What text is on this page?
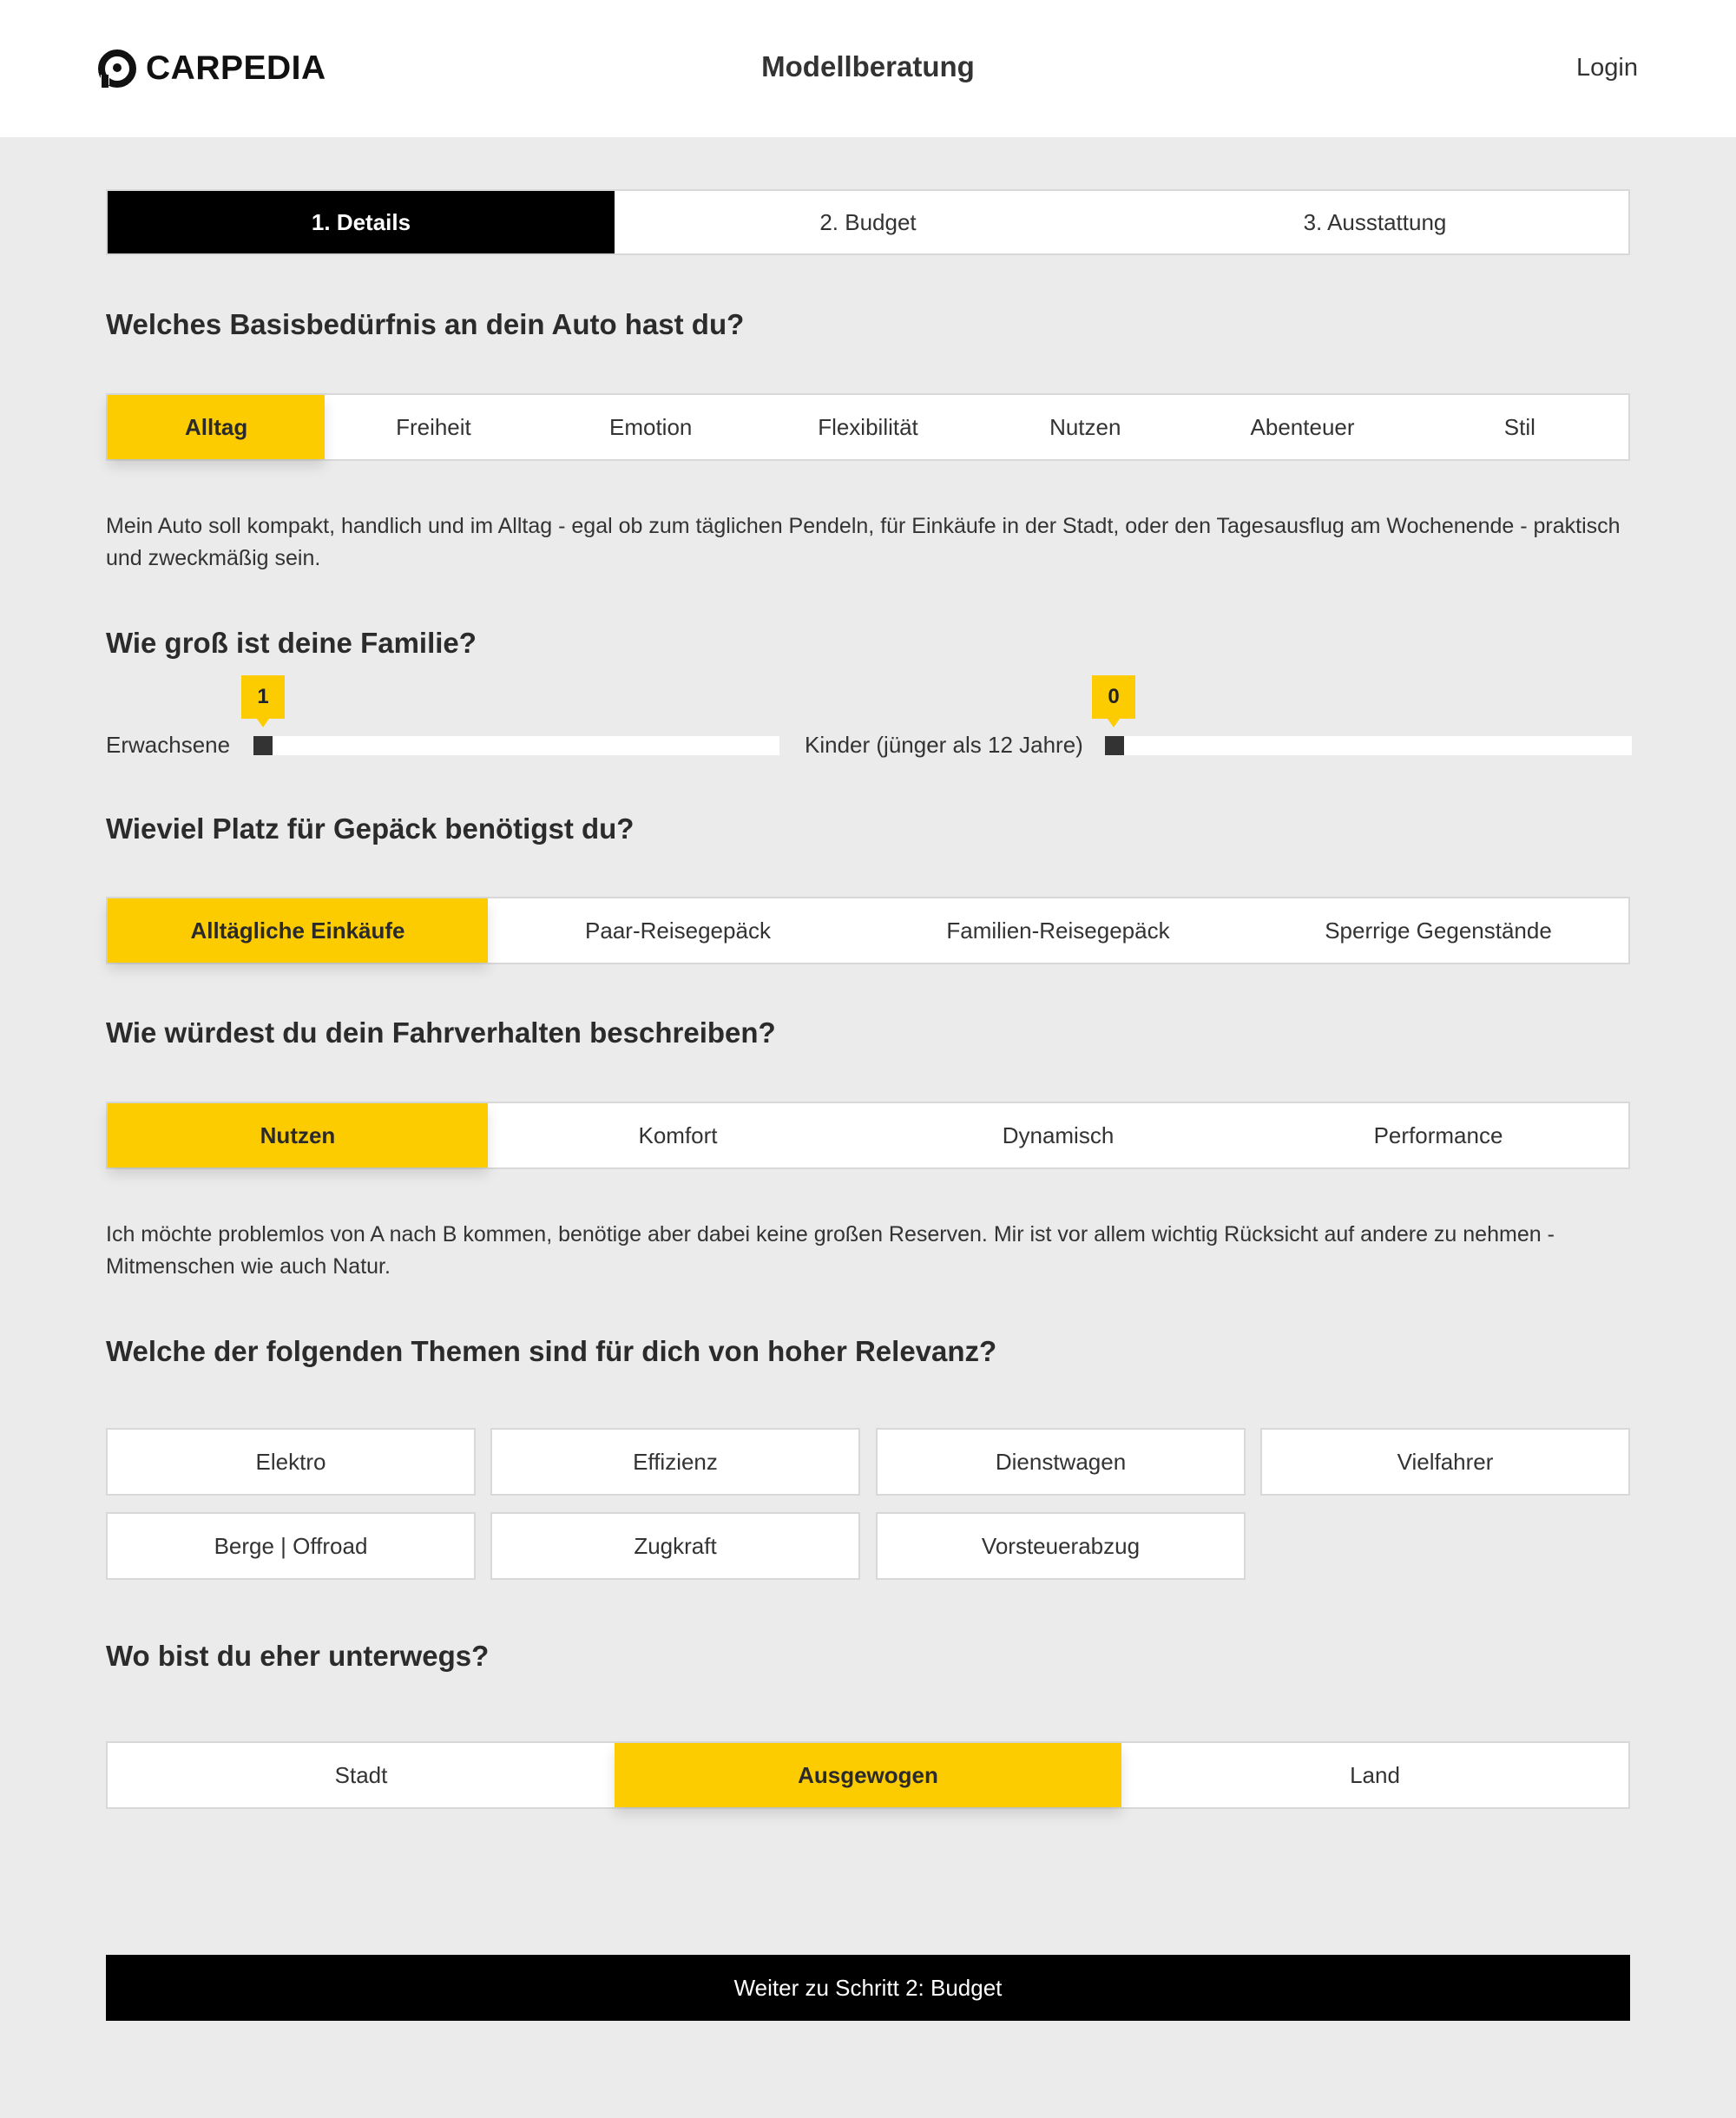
CARPEDIA	Modellberatung	Login
1. Details	2. Budget	3. Ausstattung
Welches Basisbedürfnis an dein Auto hast du?
Alltag	Freiheit	Emotion	Flexibilität	Nutzen	Abenteuer	Stil
Mein Auto soll kompakt, handlich und im Alltag - egal ob zum täglichen Pendeln, für Einkäufe in der Stadt, oder den Tagesausflug am Wochenende - praktisch und zweckmäßig sein.
Wie groß ist deine Familie?
Erwachsene
1
Kinder (jünger als 12 Jahre)
0
Wieviel Platz für Gepäck benötigst du?
Alltägliche Einkäufe	Paar-Reisegepäck	Familien-Reisegepäck	Sperrige Gegenstände
Wie würdest du dein Fahrverhalten beschreiben?
Nutzen	Komfort	Dynamisch	Performance
Ich möchte problemlos von A nach B kommen, benötige aber dabei keine großen Reserven. Mir ist vor allem wichtig Rücksicht auf andere zu nehmen - Mitmenschen wie auch Natur.
Welche der folgenden Themen sind für dich von hoher Relevanz?
Elektro	Effizienz	Dienstwagen	Vielfahrer
Berge | Offroad	Zugkraft	Vorsteuerabzug
Wo bist du eher unterwegs?
Stadt	Ausgewogen	Land
Weiter zu Schritt 2: Budget
